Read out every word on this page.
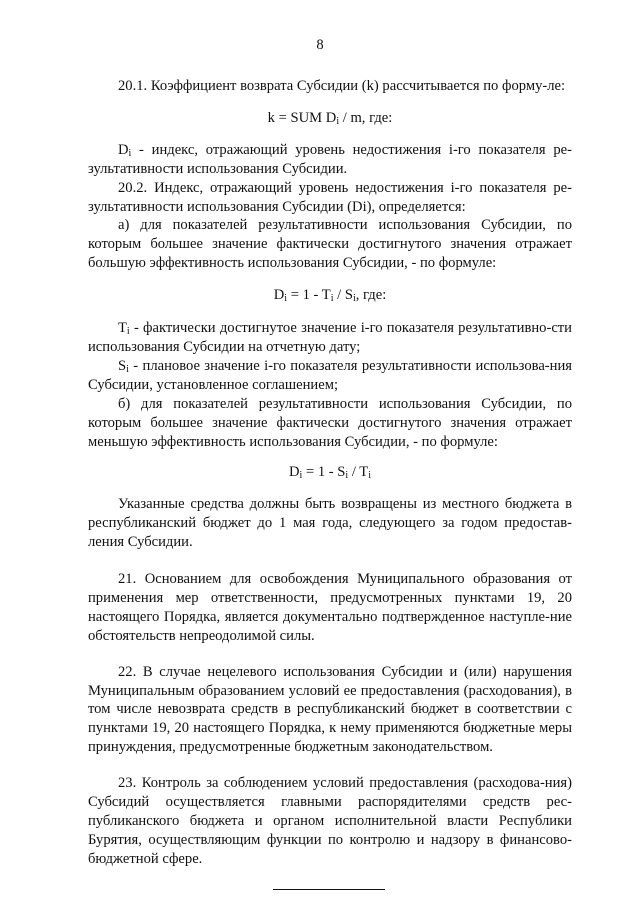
8

20.1. Коэффициент возврата Субсидии (k) рассчитывается по форму-ле:

k = SUM $D_i$ / m, где:

$D_i$ - индекс, отражающий уровень недостижения i-го показателя ре-зультативности использования Субсидии.

20.2. Индекс, отражающий уровень недостижения i-го показателя ре-зультативности использования Субсидии (Di), определяется:

а) для показателей результативности использования Субсидии, по которым большее значение фактически достигнутого значения отражает большую эффективность использования Субсидии, - по формуле:

$D_i = 1 - T_i / S_i$, где:

$T_i$ - фактически достигнутое значение i-го показателя результативно-сти использования Субсидии на отчетную дату;

$S_i$ - плановое значение i-го показателя результативности использова-ния Субсидии, установленное соглашением;

б) для показателей результативности использования Субсидии, по которым большее значение фактически достигнутого значения отражает меньшую эффективность использования Субсидии, - по формуле:

$D_i = 1 - S_i / T_i$

Указанные средства должны быть возвращены из местного бюджета в республиканский бюджет до 1 мая года, следующего за годом предостав-ления Субсидии.

21. Основанием для освобождения Муниципального образования от применения мер ответственности, предусмотренных пунктами 19, 20 настоящего Порядка, является документально подтвержденное наступле-ние обстоятельств непреодолимой силы.

22. В случае нецелевого использования Субсидии и (или) нарушения Муниципальным образованием условий ее предоставления (расходования), в том числе невозврата средств в республиканский бюджет в соответствии с пунктами 19, 20 настоящего Порядка, к нему применяются бюджетные меры принуждения, предусмотренные бюджетным законодательством.

23. Контроль за соблюдением условий предоставления (расходова-ния) Субсидий осуществляется главными распорядителями средств рес-публиканского бюджета и органом исполнительной власти Республики Бурятия, осуществляющим функции по контролю и надзору в финансово-бюджетной сфере.
